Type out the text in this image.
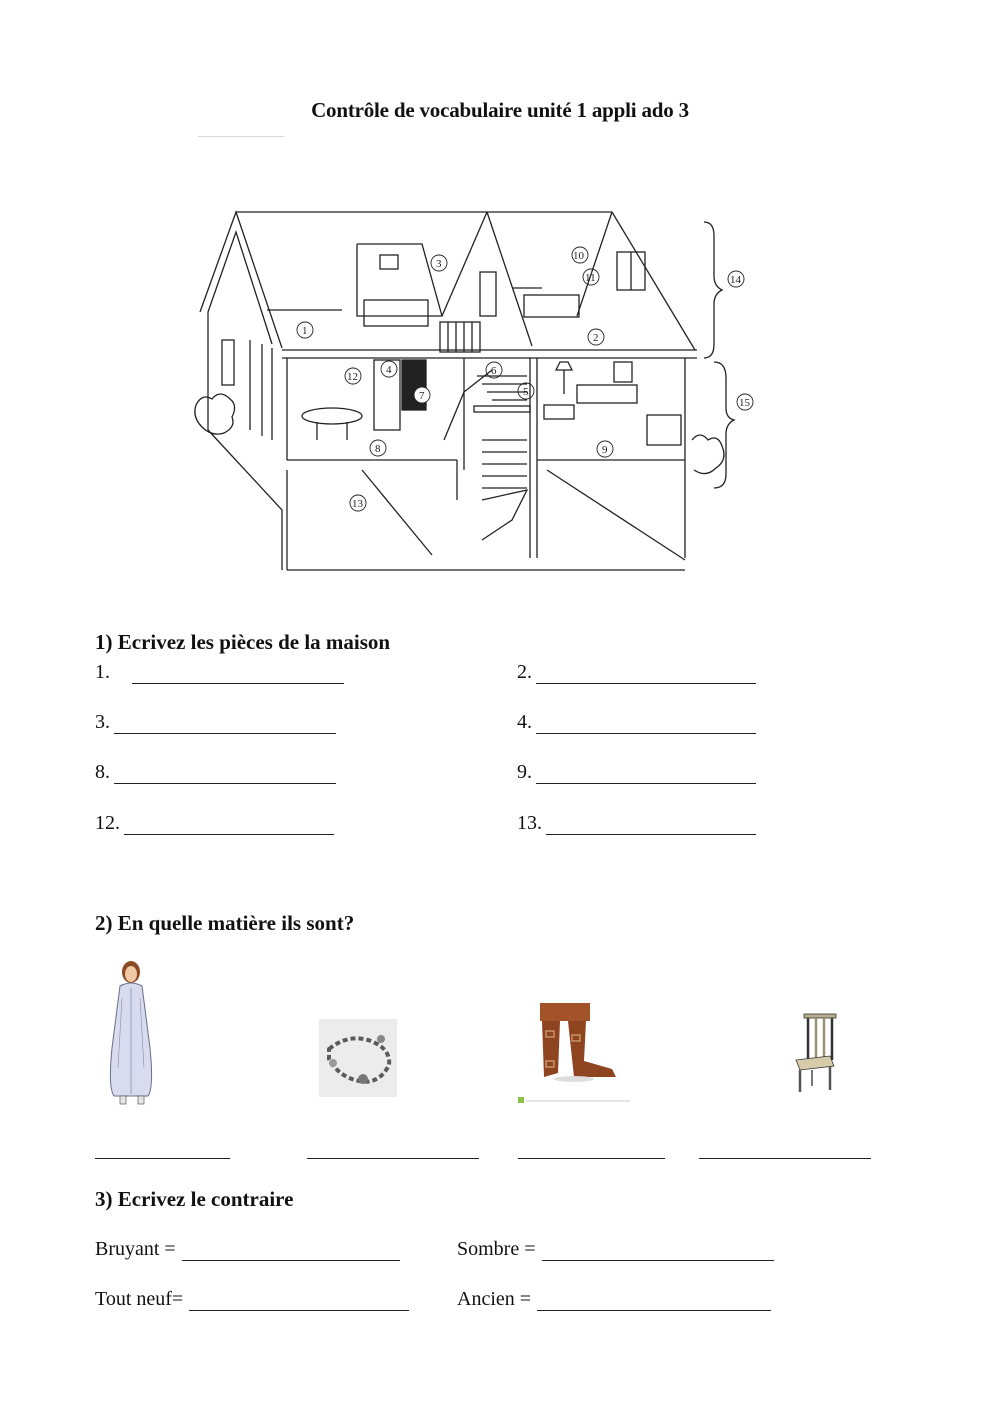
Contrôle de vocabulaire unité 1 appli ado 3
1
2
3
4
5
6
7
8	9
10
11
12
13
14
15
1) Ecrivez les pièces de la maison
1.	2.
3.	4.
8.	9.
12.	13.
2) En quelle matière ils sont?
3) Ecrivez le contraire
Bruyant =	Sombre =
Tout neuf=	Ancien =
